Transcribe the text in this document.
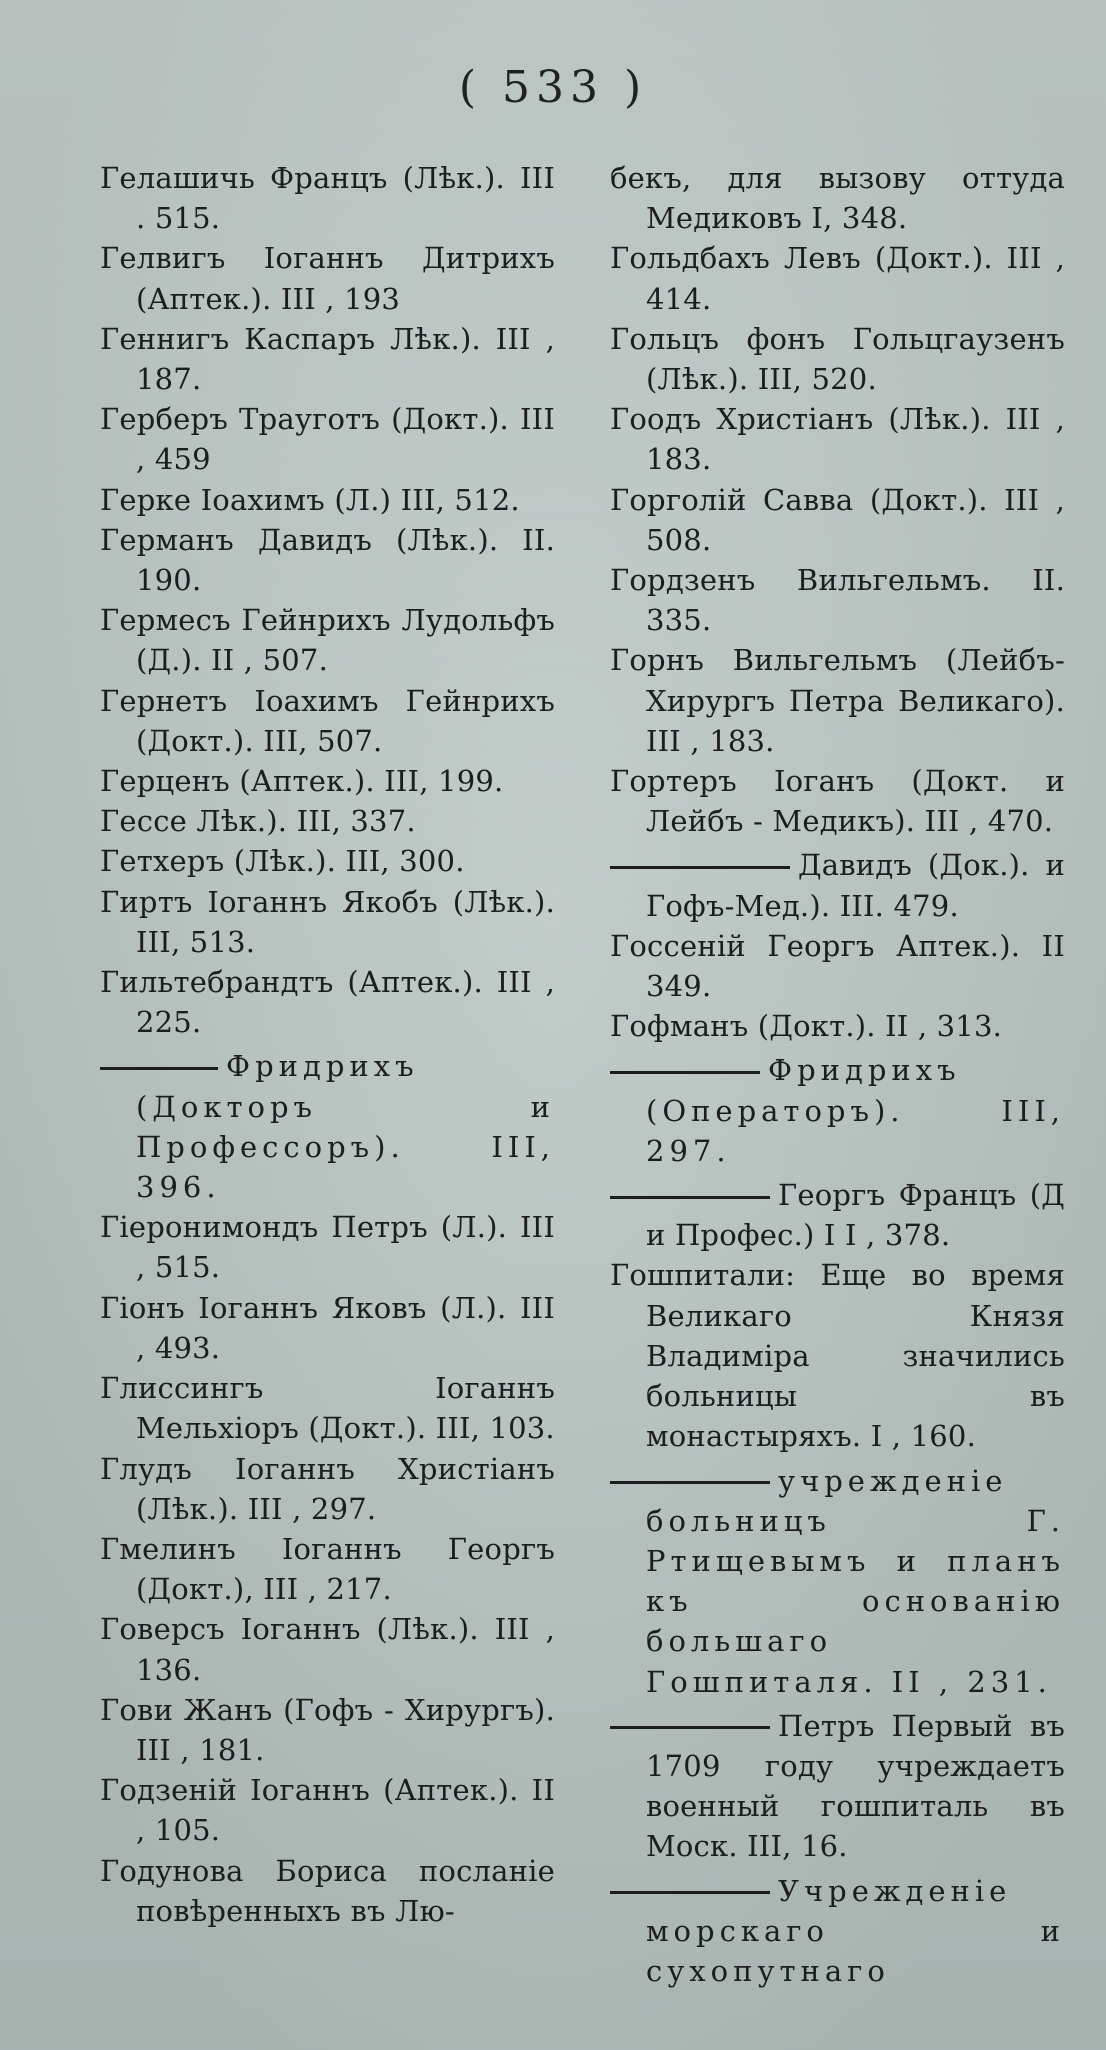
( 533 )

Гелашичь Францъ (Лѣк.). III . 515.

Гелвигъ Іоганнъ Дитрихъ (Аптек.). III , 193

Геннигъ Каспаръ Лѣк.). III , 187.

Герберъ Трауготъ (Докт.). III , 459

Герке Іоахимъ (Л.) III, 512.

Германъ Давидъ (Лѣк.). II. 190.

Гермесъ Гейнрихъ Лудольфъ (Д.). II , 507.

Гернетъ Іоахимъ Гейнрихъ (Докт.). III, 507.

Герценъ (Аптек.). III, 199.

Гессе Лѣк.). III, 337.

Гетхеръ (Лѣк.). III, 300.

Гиртъ Іоганнъ Якобъ (Лѣк.). III, 513.

Гильтебрандтъ (Аптек.). III , 225.

Фридрихъ (Докторъ и Профессоръ). III, 396.

Гіеронимондъ Петръ (Л.). III , 515.

Гіонъ Іоганнъ Яковъ (Л.). III , 493.

Глиссингъ Іоганнъ Мельхіоръ (Докт.). III, 103.

Глудъ Іоганнъ Христіанъ (Лѣк.). III , 297.

Гмелинъ Іоганнъ Георгъ (Докт.), III , 217.

Говерсъ Іоганнъ (Лѣк.). III , 136.

Гови Жанъ (Гофъ - Хирургъ). III , 181.

Годзеній Іоганнъ (Аптек.). II , 105.

Годунова Бориса посланіе повѣренныхъ въ Лю-

бекъ, для вызову оттуда Медиковъ I, 348.

Гольдбахъ Левъ (Докт.). III , 414.

Гольцъ фонъ Гольцгаузенъ (Лѣк.). III, 520.

Гоодъ Христіанъ (Лѣк.). III , 183.

Горголій Савва (Докт.). III , 508.

Гордзенъ Вильгельмъ. II. 335.

Горнъ Вильгельмъ (Лейбъ-Хирургъ Петра Великаго). III , 183.

Гортеръ Іоганъ (Докт. и Лейбъ - Медикъ). III , 470.

Давидъ (Док.). и Гофъ-Мед.). III. 479.

Госсеній Георгъ Аптек.). II 349.

Гофманъ (Докт.). II , 313.

Фридрихъ (Операторъ). III, 297.

Георгъ Францъ (Д и Профес.) I I , 378.

Гошпитали: Еще во время Великаго Князя Владиміра значились больницы въ монастыряхъ. I , 160.

учрежденіе больницъ Г. Ртищевымъ и планъ къ основанію большаго Гошпиталя. II , 231.

Петръ Первый въ 1709 году учреждаетъ военный гошпиталь въ Моск. III, 16.

Учрежденіе морскаго и сухопутнаго
